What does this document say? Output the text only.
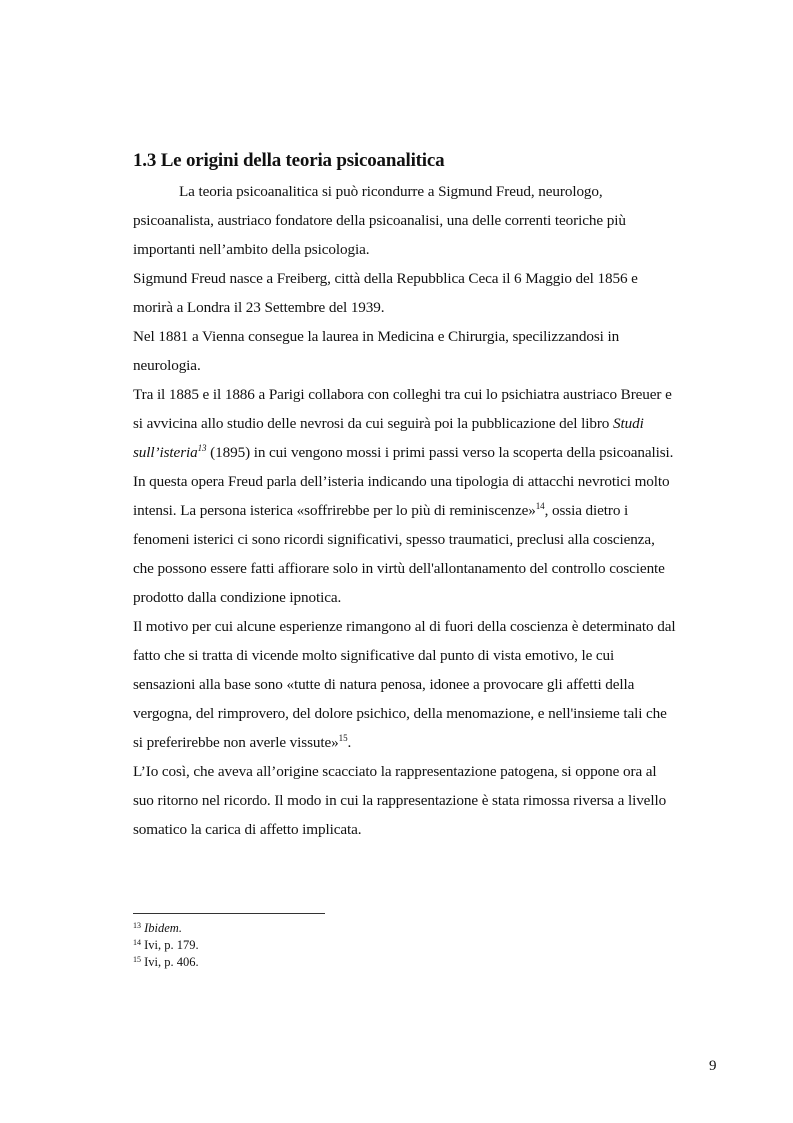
1.3 Le origini della teoria psicoanalitica
La teoria psicoanalitica si può ricondurre a Sigmund Freud, neurologo,
psicoanalista, austriaco fondatore della psicoanalisi, una delle correnti teoriche più
importanti nell’ambito della psicologia.
Sigmund Freud nasce a Freiberg, città della Repubblica Ceca il 6 Maggio del 1856 e
morirà a Londra il 23 Settembre del 1939.
Nel 1881 a Vienna consegue la laurea in Medicina e Chirurgia, specilizzandosi in
neurologia.
Tra il 1885 e il 1886 a Parigi collabora con colleghi tra cui lo psichiatra austriaco Breuer e
si avvicina allo studio delle nevrosi da cui seguirà poi la pubblicazione del libro Studi
sull’isteria$^{13}$ (1895) in cui vengono mossi i primi passi verso la scoperta della psicoanalisi.
In questa opera Freud parla dell’isteria indicando una tipologia di attacchi nevrotici molto
intensi. La persona isterica «soffrirebbe per lo più di reminiscenze»$^{14}$, ossia dietro i
fenomeni isterici ci sono ricordi significativi, spesso traumatici, preclusi alla coscienza,
che possono essere fatti affiorare solo in virtù dell'allontanamento del controllo cosciente
prodotto dalla condizione ipnotica.
Il motivo per cui alcune esperienze rimangono al di fuori della coscienza è determinato dal
fatto che si tratta di vicende molto significative dal punto di vista emotivo, le cui
sensazioni alla base sono «tutte di natura penosa, idonee a provocare gli affetti della
vergogna, del rimprovero, del dolore psichico, della menomazione, e nell'insieme tali che
si preferirebbe non averle vissute»$^{15}$.
L’Io così, che aveva all’origine scacciato la rappresentazione patogena, si oppone ora al
suo ritorno nel ricordo. Il modo in cui la rappresentazione è stata rimossa riversa a livello
somatico la carica di affetto implicata.
$^{13}$ Ibidem.
$^{14}$ Ivi, p. 179.
$^{15}$ Ivi, p. 406.
9
